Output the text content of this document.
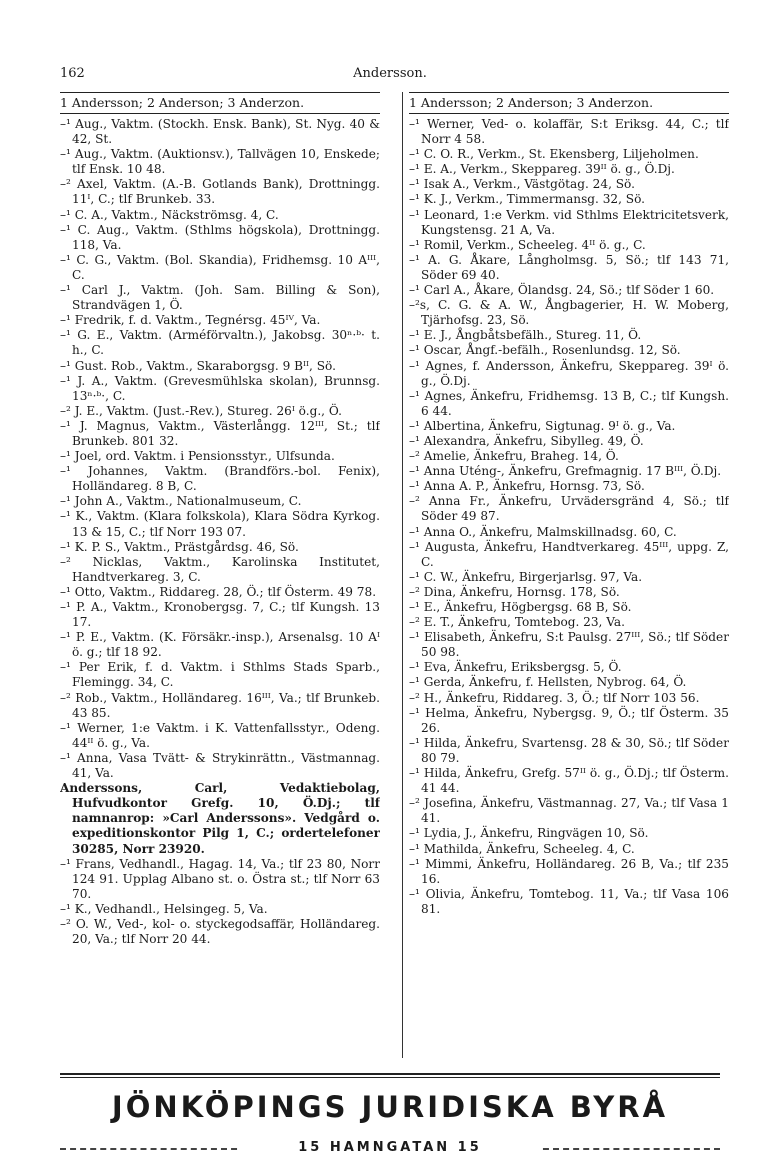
162	Andersson.
1 Andersson; 2 Anderson; 3 Anderzon.
–¹ Aug., Vaktm. (Stockh. Ensk. Bank), St. Nyg. 40 & 42, St.
–¹ Aug., Vaktm. (Auktionsv.), Tallvägen 10, Enskede; tlf Ensk. 10 48.
–² Axel, Vaktm. (A.-B. Gotlands Bank), Drottningg. 11ᴵ, C.; tlf Brunkeb. 33.
–¹ C. A., Vaktm., Näckströmsg. 4, C.
–¹ C. Aug., Vaktm. (Sthlms högskola), Drottningg. 118, Va.
–¹ C. G., Vaktm. (Bol. Skandia), Fridhemsg. 10 Aᴵᴵᴵ, C.
–¹ Carl J., Vaktm. (Joh. Sam. Billing & Son), Strandvägen 1, Ö.
–¹ Fredrik, f. d. Vaktm., Tegnérsg. 45ᴵⱽ, Va.
–¹ G. E., Vaktm. (Arméförvaltn.), Jakobsg. 30ⁿ·ᵇ· t. h., C.
–¹ Gust. Rob., Vaktm., Skaraborgsg. 9 Bᴵᴵ, Sö.
–¹ J. A., Vaktm. (Grevesmühlska skolan), Brunnsg. 13ⁿ·ᵇ·, C.
–² J. E., Vaktm. (Just.-Rev.), Stureg. 26ᴵ ö.g., Ö.
–¹ J. Magnus, Vaktm., Västerlångg. 12ᴵᴵᴵ, St.; tlf Brunkeb. 801 32.
–¹ Joel, ord. Vaktm. i Pensionsstyr., Ulfsunda.
–¹ Johannes, Vaktm. (Brandförs.-bol. Fenix), Holländareg. 8 B, C.
–¹ John A., Vaktm., Nationalmuseum, C.
–¹ K., Vaktm. (Klara folkskola), Klara Södra Kyrkog. 13 & 15, C.; tlf Norr 193 07.
–¹ K. P. S., Vaktm., Prästgårdsg. 46, Sö.
–² Nicklas, Vaktm., Karolinska Institutet, Handtverkareg. 3, C.
–¹ Otto, Vaktm., Riddareg. 28, Ö.; tlf Österm. 49 78.
–¹ P. A., Vaktm., Kronobergsg. 7, C.; tlf Kungsh. 13 17.
–¹ P. E., Vaktm. (K. Försäkr.-insp.), Arsenalsg. 10 Aᴵ ö. g.; tlf 18 92.
–¹ Per Erik, f. d. Vaktm. i Sthlms Stads Sparb., Flemingg. 34, C.
–² Rob., Vaktm., Holländareg. 16ᴵᴵᴵ, Va.; tlf Brunkeb. 43 85.
–¹ Werner, 1:e Vaktm. i K. Vattenfallsstyr., Odeng. 44ᴵᴵ ö. g., Va.
–¹ Anna, Vasa Tvätt- & Strykinrättn., Västmannag. 41, Va.
Anderssons, Carl, Vedaktiebolag, Hufvudkontor Grefg. 10, Ö.Dj.; tlf namnanrop: »Carl Anderssons». Vedgård o. expeditionskontor Pilg 1, C.; ordertelefoner 30285, Norr 23920.
–¹ Frans, Vedhandl., Hagag. 14, Va.; tlf 23 80, Norr 124 91. Upplag Albano st. o. Östra st.; tlf Norr 63 70.
–¹ K., Vedhandl., Helsingeg. 5, Va.
–² O. W., Ved-, kol- o. styckegodsaffär, Holländareg. 20, Va.; tlf Norr 20 44.
1 Andersson; 2 Anderson; 3 Anderzon.
–¹ Werner, Ved- o. kolaffär, S:t Eriksg. 44, C.; tlf Norr 4 58.
–¹ C. O. R., Verkm., St. Ekensberg, Liljeholmen.
–¹ E. A., Verkm., Skeppareg. 39ᴵᴵ ö. g., Ö.Dj.
–¹ Isak A., Verkm., Västgötag. 24, Sö.
–¹ K. J., Verkm., Timmermansg. 32, Sö.
–¹ Leonard, 1:e Verkm. vid Sthlms Elektricitetsverk, Kungstensg. 21 A, Va.
–¹ Romil, Verkm., Scheeleg. 4ᴵᴵ ö. g., C.
–¹ A. G. Åkare, Långholmsg. 5, Sö.; tlf 143 71, Söder 69 40.
–¹ Carl A., Åkare, Ölandsg. 24, Sö.; tlf Söder 1 60.
–²s, C. G. & A. W., Ångbagerier, H. W. Moberg, Tjärhofsg. 23, Sö.
–¹ E. J., Ångbåtsbefälh., Stureg. 11, Ö.
–¹ Oscar, Ångf.-befälh., Rosenlundsg. 12, Sö.
–¹ Agnes, f. Andersson, Änkefru, Skeppareg. 39ᴵ ö. g., Ö.Dj.
–¹ Agnes, Änkefru, Fridhemsg. 13 B, C.; tlf Kungsh. 6 44.
–¹ Albertina, Änkefru, Sigtunag. 9ᴵ ö. g., Va.
–¹ Alexandra, Änkefru, Sibylleg. 49, Ö.
–² Amelie, Änkefru, Braheg. 14, Ö.
–¹ Anna Uténg-, Änkefru, Grefmagnig. 17 Bᴵᴵᴵ, Ö.Dj.
–¹ Anna A. P., Änkefru, Hornsg. 73, Sö.
–² Anna Fr., Änkefru, Urvädersgränd 4, Sö.; tlf Söder 49 87.
–¹ Anna O., Änkefru, Malmskillnadsg. 60, C.
–¹ Augusta, Änkefru, Handtverkareg. 45ᴵᴵᴵ, uppg. Z, C.
–¹ C. W., Änkefru, Birgerjarlsg. 97, Va.
–² Dina, Änkefru, Hornsg. 178, Sö.
–¹ E., Änkefru, Högbergsg. 68 B, Sö.
–² E. T., Änkefru, Tomtebog. 23, Va.
–¹ Elisabeth, Änkefru, S:t Paulsg. 27ᴵᴵᴵ, Sö.; tlf Söder 50 98.
–¹ Eva, Änkefru, Eriksbergsg. 5, Ö.
–¹ Gerda, Änkefru, f. Hellsten, Nybrog. 64, Ö.
–² H., Änkefru, Riddareg. 3, Ö.; tlf Norr 103 56.
–¹ Helma, Änkefru, Nybergsg. 9, Ö.; tlf Österm. 35 26.
–¹ Hilda, Änkefru, Svartensg. 28 & 30, Sö.; tlf Söder 80 79.
–¹ Hilda, Änkefru, Grefg. 57ᴵᴵ ö. g., Ö.Dj.; tlf Österm. 41 44.
–² Josefina, Änkefru, Västmannag. 27, Va.; tlf Vasa 1 41.
–¹ Lydia, J., Änkefru, Ringvägen 10, Sö.
–¹ Mathilda, Änkefru, Scheeleg. 4, C.
–¹ Mimmi, Änkefru, Holländareg. 26 B, Va.; tlf 235 16.
–¹ Olivia, Änkefru, Tomtebog. 11, Va.; tlf Vasa 106 81.
JÖNKÖPINGS JURIDISKA BYRÅ
15 HAMNGATAN 15
